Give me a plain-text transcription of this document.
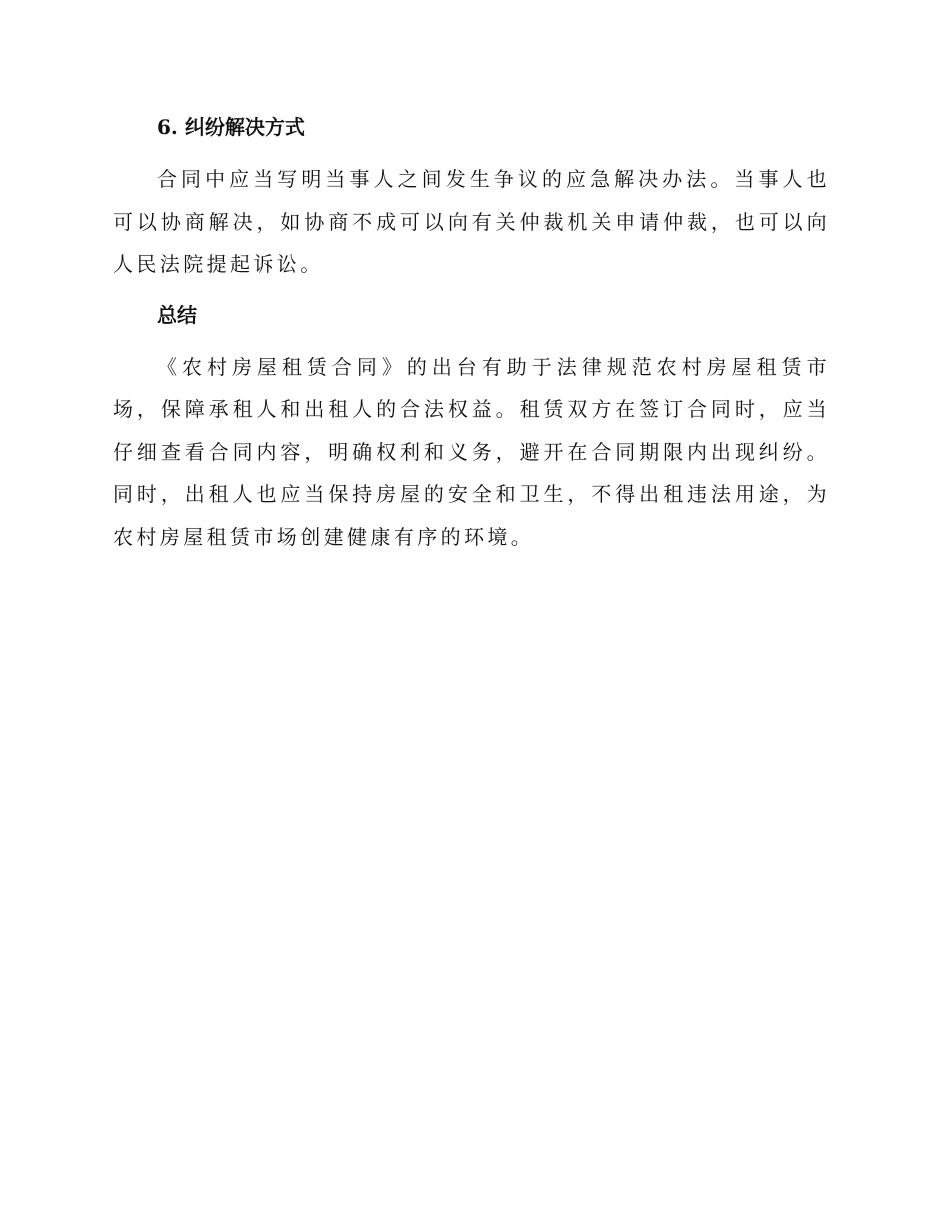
6. 纠纷解决方式

合同中应当写明当事人之间发生争议的应急解决办法。当事人也可以协商解决，如协商不成可以向有关仲裁机关申请仲裁，也可以向人民法院提起诉讼。

总结

《农村房屋租赁合同》的出台有助于法律规范农村房屋租赁市场，保障承租人和出租人的合法权益。租赁双方在签订合同时，应当仔细查看合同内容，明确权利和义务，避开在合同期限内出现纠纷。同时，出租人也应当保持房屋的安全和卫生，不得出租违法用途，为农村房屋租赁市场创建健康有序的环境。
